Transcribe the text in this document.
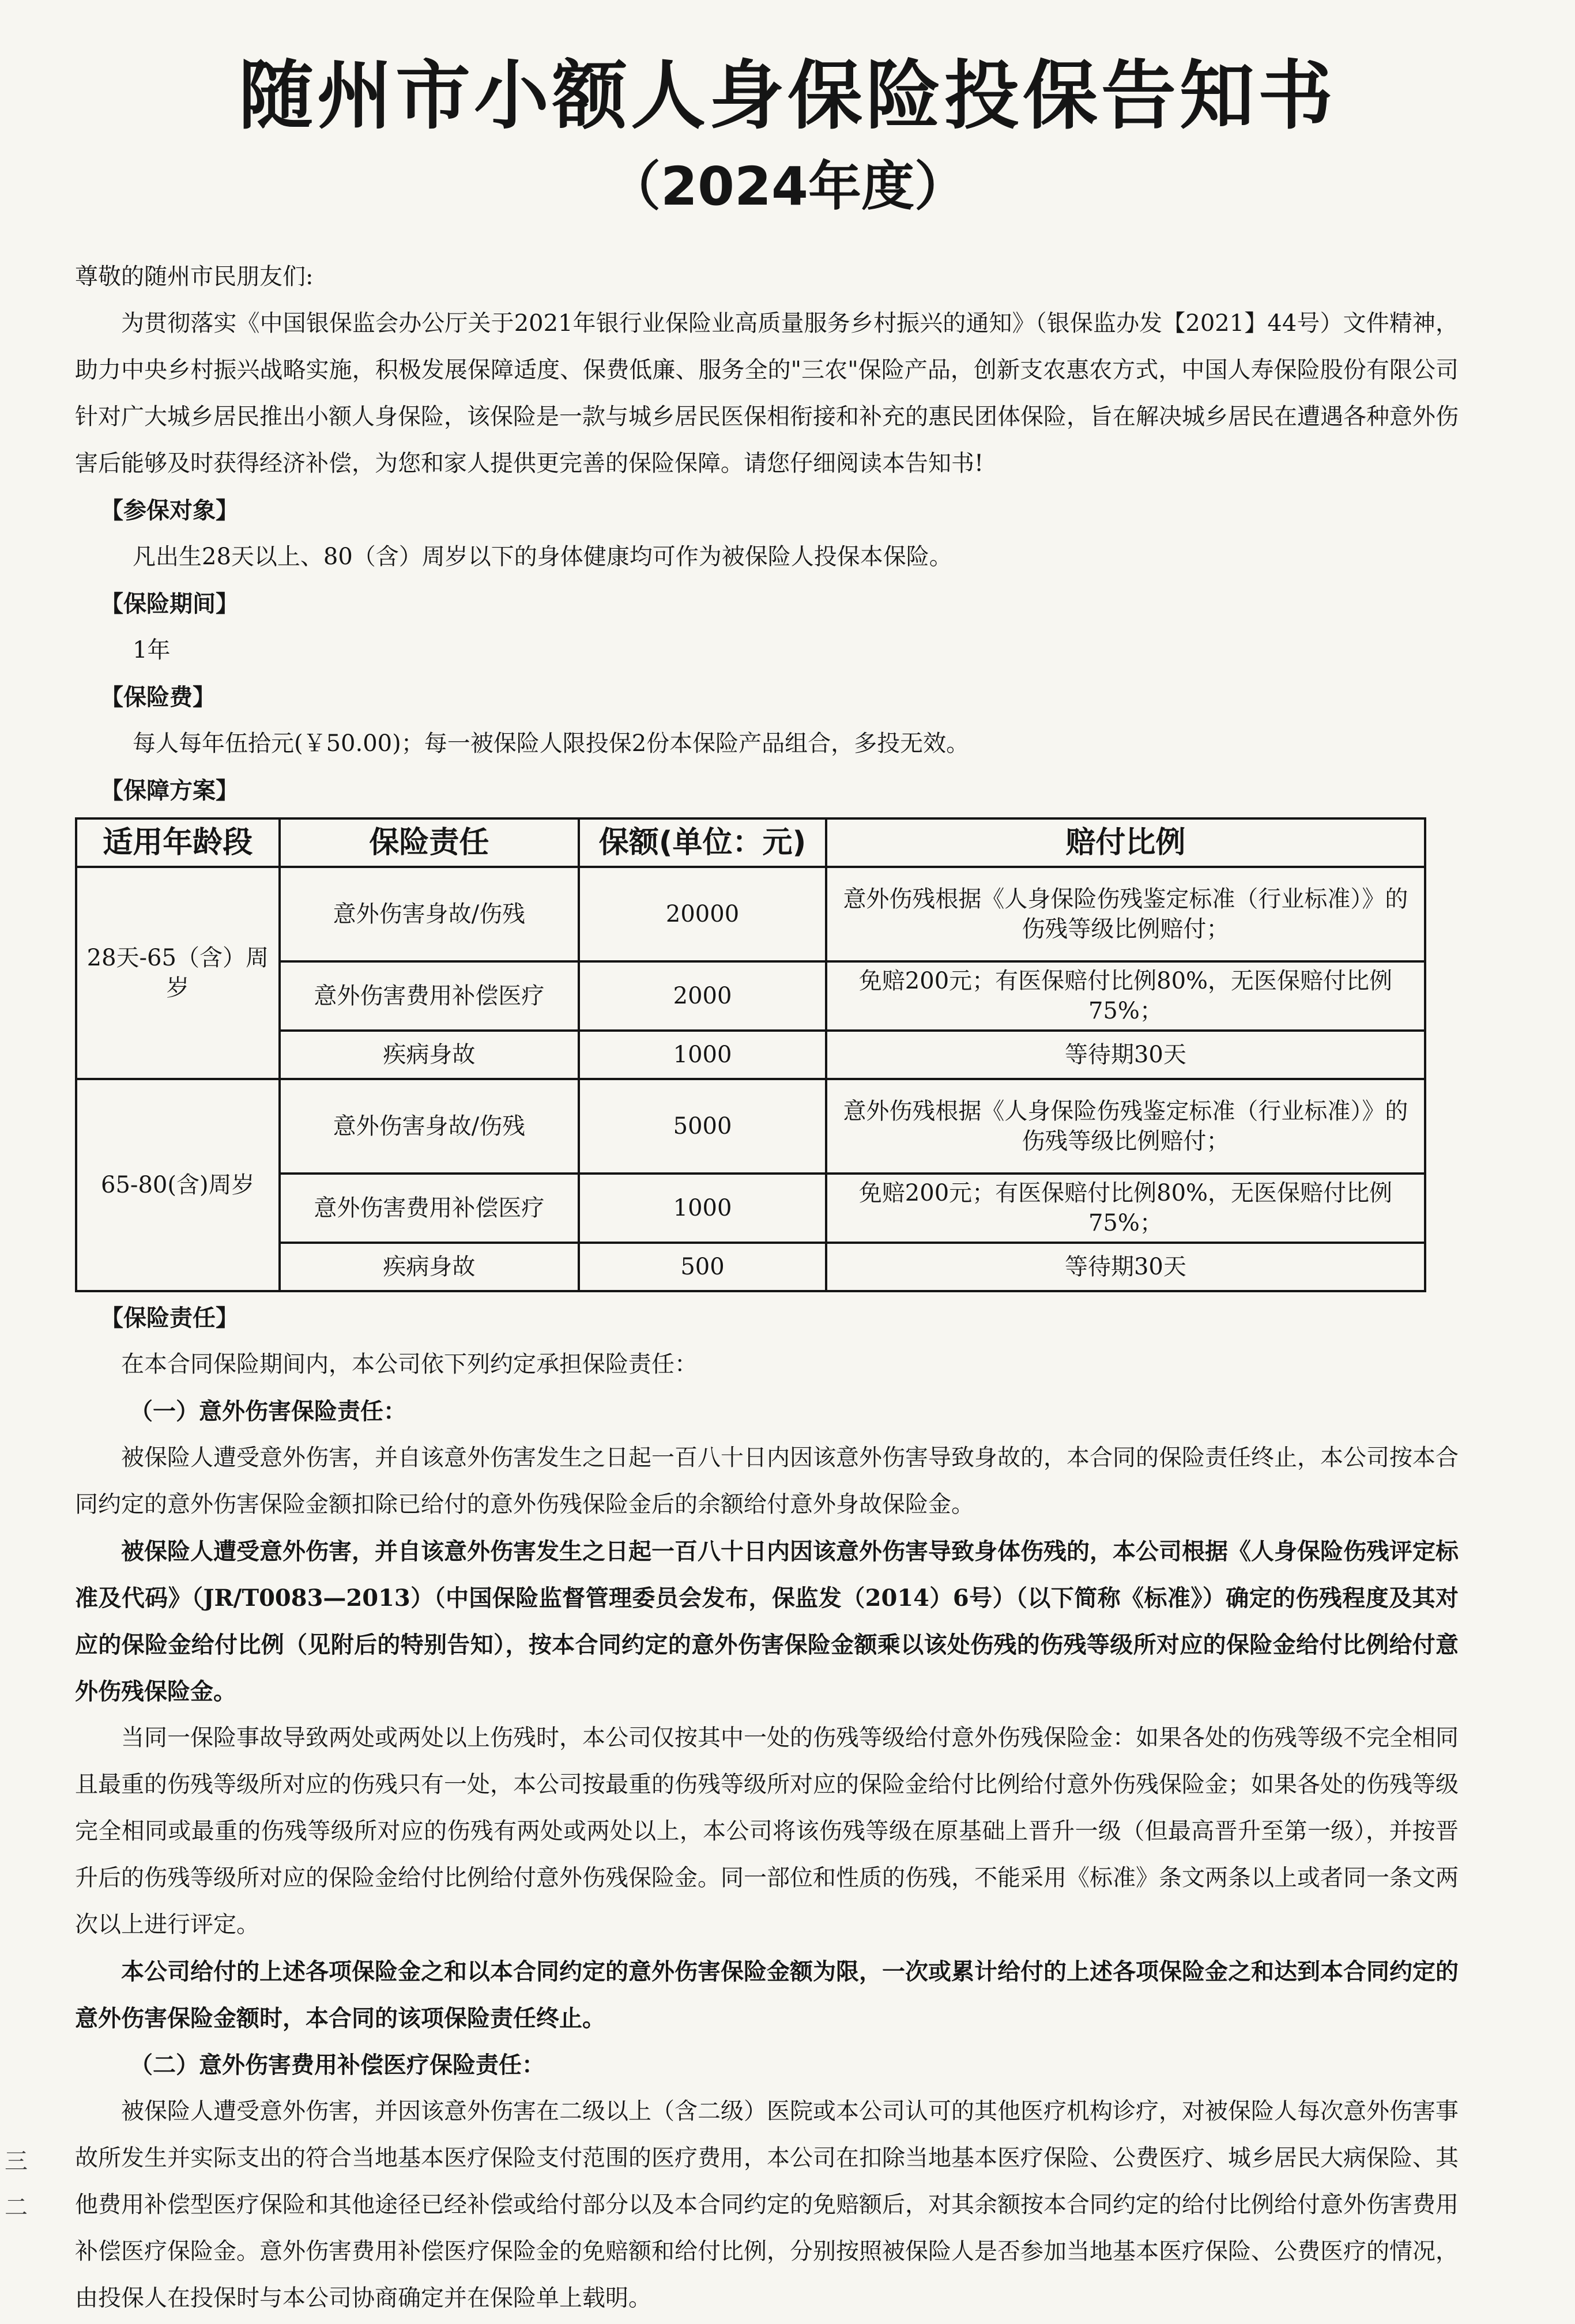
随州市小额人身保险投保告知书
（2024年度）

尊敬的随州市民朋友们:

为贯彻落实《中国银保监会办公厅关于2021年银行业保险业高质量服务乡村振兴的通知》（银保监办发【2021】44号）文件精神，助力中央乡村振兴战略实施，积极发展保障适度、保费低廉、服务全的"三农"保险产品，创新支农惠农方式，中国人寿保险股份有限公司针对广大城乡居民推出小额人身保险，该保险是一款与城乡居民医保相衔接和补充的惠民团体保险，旨在解决城乡居民在遭遇各种意外伤害后能够及时获得经济补偿，为您和家人提供更完善的保险保障。请您仔细阅读本告知书!

【参保对象】

凡出生28天以上、80（含）周岁以下的身体健康均可作为被保险人投保本保险。

【保险期间】

1年

【保险费】

每人每年伍拾元(￥50.00)；每一被保险人限投保2份本保险产品组合，多投无效。

【保障方案】

适用年龄段	保险责任	保额(单位：元)	赔付比例
28天-65（含）周岁	意外伤害身故/伤残	20000	意外伤残根据《人身保险伤残鉴定标准（行业标准）》的伤残等级比例赔付；
	意外伤害费用补偿医疗	2000	免赔200元；有医保赔付比例80%，无医保赔付比例75%；
	疾病身故	1000	等待期30天
65-80(含)周岁	意外伤害身故/伤残	5000	意外伤残根据《人身保险伤残鉴定标准（行业标准）》的伤残等级比例赔付；
	意外伤害费用补偿医疗	1000	免赔200元；有医保赔付比例80%，无医保赔付比例75%；
	疾病身故	500	等待期30天

【保险责任】

在本合同保险期间内，本公司依下列约定承担保险责任：

（一）意外伤害保险责任：

被保险人遭受意外伤害，并自该意外伤害发生之日起一百八十日内因该意外伤害导致身故的，本合同的保险责任终止，本公司按本合同约定的意外伤害保险金额扣除已给付的意外伤残保险金后的余额给付意外身故保险金。

被保险人遭受意外伤害，并自该意外伤害发生之日起一百八十日内因该意外伤害导致身体伤残的，本公司根据《人身保险伤残评定标准及代码》（JR/T0083—2013）（中国保险监督管理委员会发布，保监发（2014）6号）（以下简称《标准》）确定的伤残程度及其对应的保险金给付比例（见附后的特别告知），按本合同约定的意外伤害保险金额乘以该处伤残的伤残等级所对应的保险金给付比例给付意外伤残保险金。

当同一保险事故导致两处或两处以上伤残时，本公司仅按其中一处的伤残等级给付意外伤残保险金：如果各处的伤残等级不完全相同且最重的伤残等级所对应的伤残只有一处，本公司按最重的伤残等级所对应的保险金给付比例给付意外伤残保险金；如果各处的伤残等级完全相同或最重的伤残等级所对应的伤残有两处或两处以上，本公司将该伤残等级在原基础上晋升一级（但最高晋升至第一级），并按晋升后的伤残等级所对应的保险金给付比例给付意外伤残保险金。同一部位和性质的伤残，不能采用《标准》条文两条以上或者同一条文两次以上进行评定。

本公司给付的上述各项保险金之和以本合同约定的意外伤害保险金额为限，一次或累计给付的上述各项保险金之和达到本合同约定的意外伤害保险金额时，本合同的该项保险责任终止。

（二）意外伤害费用补偿医疗保险责任：

被保险人遭受意外伤害，并因该意外伤害在二级以上（含二级）医院或本公司认可的其他医疗机构诊疗，对被保险人每次意外伤害事故所发生并实际支出的符合当地基本医疗保险支付范围的医疗费用，本公司在扣除当地基本医疗保险、公费医疗、城乡居民大病保险、其他费用补偿型医疗保险和其他途径已经补偿或给付部分以及本合同约定的免赔额后，对其余额按本合同约定的给付比例给付意外伤害费用补偿医疗保险金。意外伤害费用补偿医疗保险金的免赔额和给付比例，分别按照被保险人是否参加当地基本医疗保险、公费医疗的情况，由投保人在投保时与本公司协商确定并在保险单上载明。

三
二
